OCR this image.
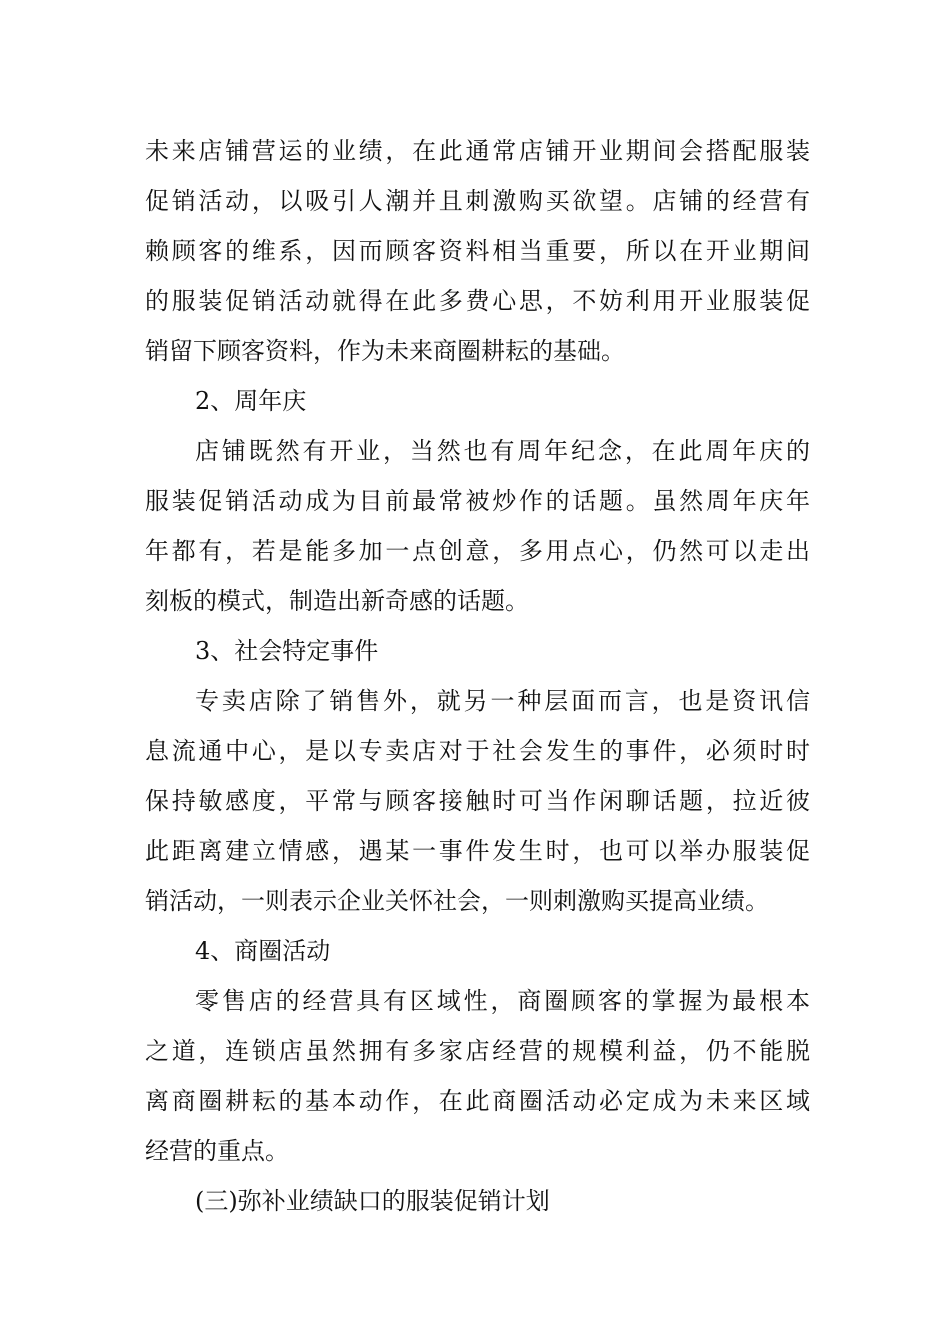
未来店铺营运的业绩，在此通常店铺开业期间会搭配服装
促销活动，以吸引人潮并且刺激购买欲望。店铺的经营有
赖顾客的维系，因而顾客资料相当重要，所以在开业期间
的服装促销活动就得在此多费心思，不妨利用开业服装促
销留下顾客资料，作为未来商圈耕耘的基础。
2、周年庆
店铺既然有开业，当然也有周年纪念，在此周年庆的
服装促销活动成为目前最常被炒作的话题。虽然周年庆年
年都有，若是能多加一点创意，多用点心，仍然可以走出
刻板的模式，制造出新奇感的话题。
3、社会特定事件
专卖店除了销售外，就另一种层面而言，也是资讯信
息流通中心，是以专卖店对于社会发生的事件，必须时时
保持敏感度，平常与顾客接触时可当作闲聊话题，拉近彼
此距离建立情感，遇某一事件发生时，也可以举办服装促
销活动，一则表示企业关怀社会，一则刺激购买提高业绩。
4、商圈活动
零售店的经营具有区域性，商圈顾客的掌握为最根本
之道，连锁店虽然拥有多家店经营的规模利益，仍不能脱
离商圈耕耘的基本动作，在此商圈活动必定成为未来区域
经营的重点。
(三)弥补业绩缺口的服装促销计划
